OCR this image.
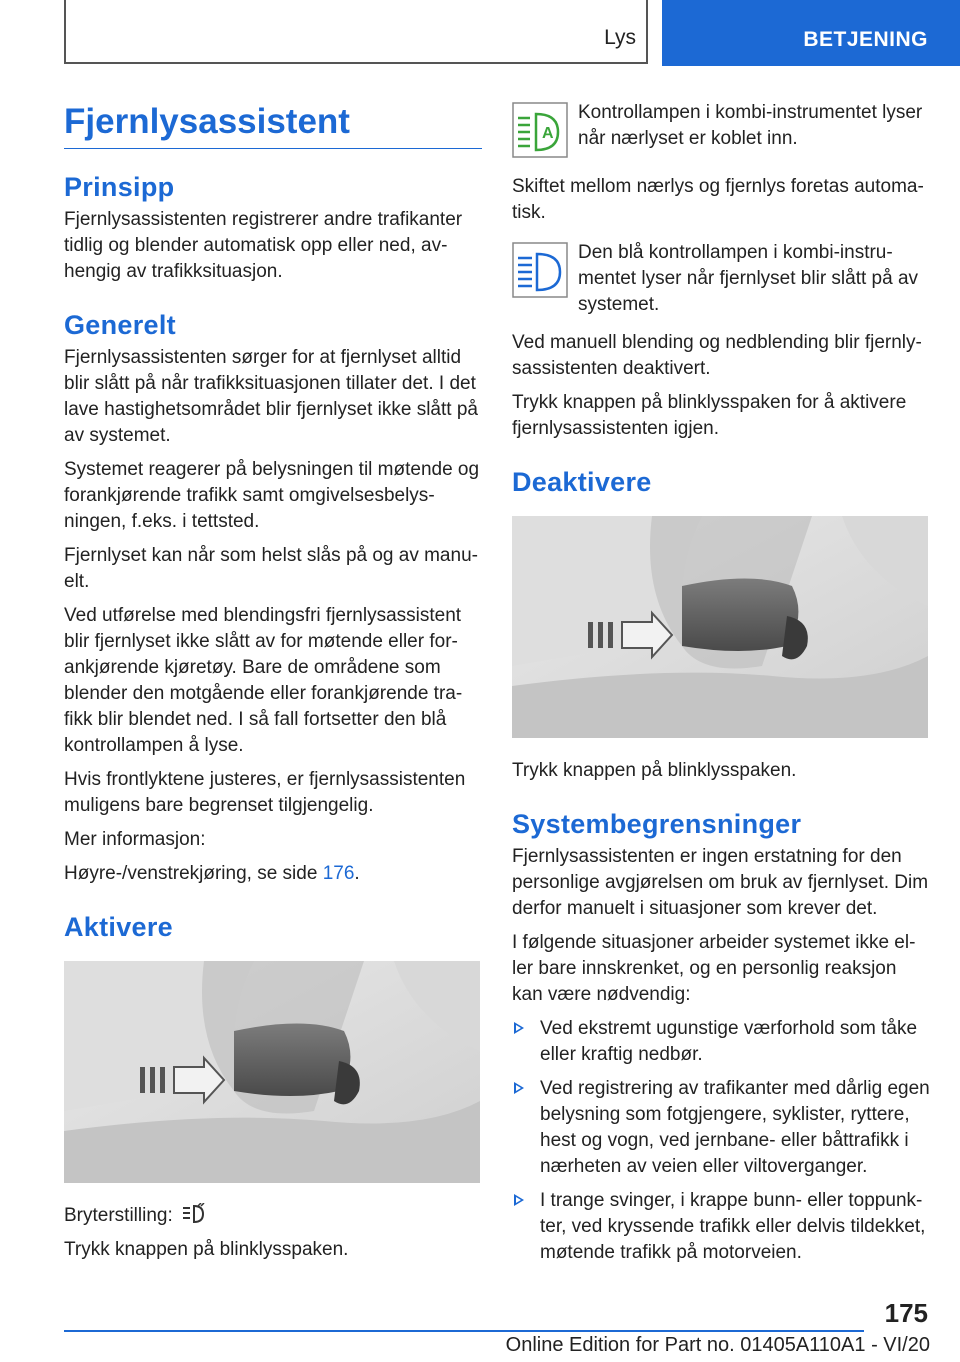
Lys	BETJENING
Fjernlysassistent
Prinsipp

Fjernlysassistenten registrerer andre trafikanter tidlig og blender automatisk opp eller ned, avhengig av trafikksituasjon.

Generelt

Fjernlysassistenten sørger for at fjernlyset alltid blir slått på når trafikksituasjonen tillater det. I det lave hastighetsområdet blir fjernlyset ikke slått på av systemet.

Systemet reagerer på belysningen til møtende og forankjørende trafikk samt omgivelsesbelysningen, f.eks. i tettsted.

Fjernlyset kan når som helst slås på og av manuelt.

Ved utførelse med blendingsfri fjernlysassistent blir fjernlyset ikke slått av for møtende eller forankjørende kjøretøy. Bare de områdene som blender den motgående eller forankjørende trafikk blir blendet ned. I så fall fortsetter den blå kontrollampen å lyse.

Hvis frontlyktene justeres, er fjernlysassistenten muligens bare begrenset tilgjengelig.

Mer informasjon:

Høyre-/venstrekjøring, se side 176.

Aktivere

Bryterstilling:

Trykk knappen på blinklysspaken.

A

Kontrollampen i kombi-instrumentet lyser når nærlyset er koblet inn.

Skiftet mellom nærlys og fjernlys foretas automatisk.

Den blå kontrollampen i kombi-instrumentet lyser når fjernlyset blir slått på av systemet.

Ved manuell blending og nedblending blir fjernlysassistenten deaktivert.

Trykk knappen på blinklysspaken for å aktivere fjernlysassistenten igjen.

Deaktivere

Trykk knappen på blinklysspaken.

Systembegrensninger

Fjernlysassistenten er ingen erstatning for den personlige avgjørelsen om bruk av fjernlyset. Dim derfor manuelt i situasjoner som krever det.

I følgende situasjoner arbeider systemet ikke eller bare innskrenket, og en personlig reaksjon kan være nødvendig:

Ved ekstremt ugunstige værforhold som tåke eller kraftig nedbør.
Ved registrering av trafikanter med dårlig egen belysning som fotgjengere, syklister, ryttere, hest og vogn, ved jernbane- eller båttrafikk i nærheten av veien eller viltoverganger.
I trange svinger, i krappe bunn- eller toppunkter, ved kryssende trafikk eller delvis tildekket, møtende trafikk på motorveien.
175
Online Edition for Part no. 01405A110A1 - VI/20
